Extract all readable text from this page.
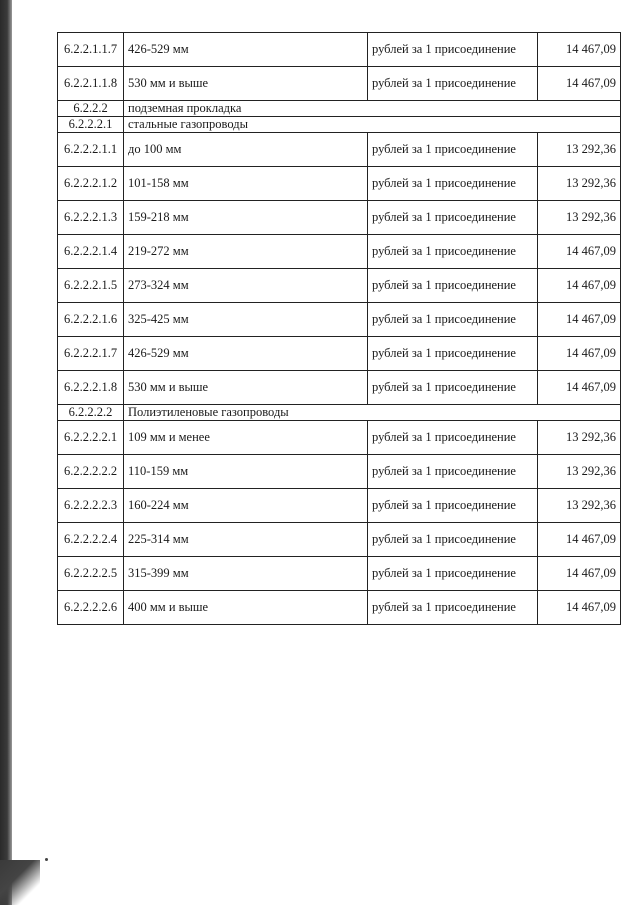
6.2.2.1.1.7	426-529 мм	рублей за 1 присоединение	14 467,09
6.2.2.1.1.8	530 мм и выше	рублей за 1 присоединение	14 467,09
6.2.2.2	подземная прокладка		
6.2.2.2.1	стальные газопроводы		
6.2.2.2.1.1	до 100 мм	рублей за 1 присоединение	13 292,36
6.2.2.2.1.2	101-158 мм	рублей за 1 присоединение	13 292,36
6.2.2.2.1.3	159-218 мм	рублей за 1 присоединение	13 292,36
6.2.2.2.1.4	219-272 мм	рублей за 1 присоединение	14 467,09
6.2.2.2.1.5	273-324 мм	рублей за 1 присоединение	14 467,09
6.2.2.2.1.6	325-425 мм	рублей за 1 присоединение	14 467,09
6.2.2.2.1.7	426-529 мм	рублей за 1 присоединение	14 467,09
6.2.2.2.1.8	530 мм и выше	рублей за 1 присоединение	14 467,09
6.2.2.2.2	Полиэтиленовые газопроводы		
6.2.2.2.2.1	109 мм и менее	рублей за 1 присоединение	13 292,36
6.2.2.2.2.2	110-159 мм	рублей за 1 присоединение	13 292,36
6.2.2.2.2.3	160-224 мм	рублей за 1 присоединение	13 292,36
6.2.2.2.2.4	225-314 мм	рублей за 1 присоединение	14 467,09
6.2.2.2.2.5	315-399 мм	рублей за 1 присоединение	14 467,09
6.2.2.2.2.6	400 мм и выше	рублей за 1 присоединение	14 467,09
